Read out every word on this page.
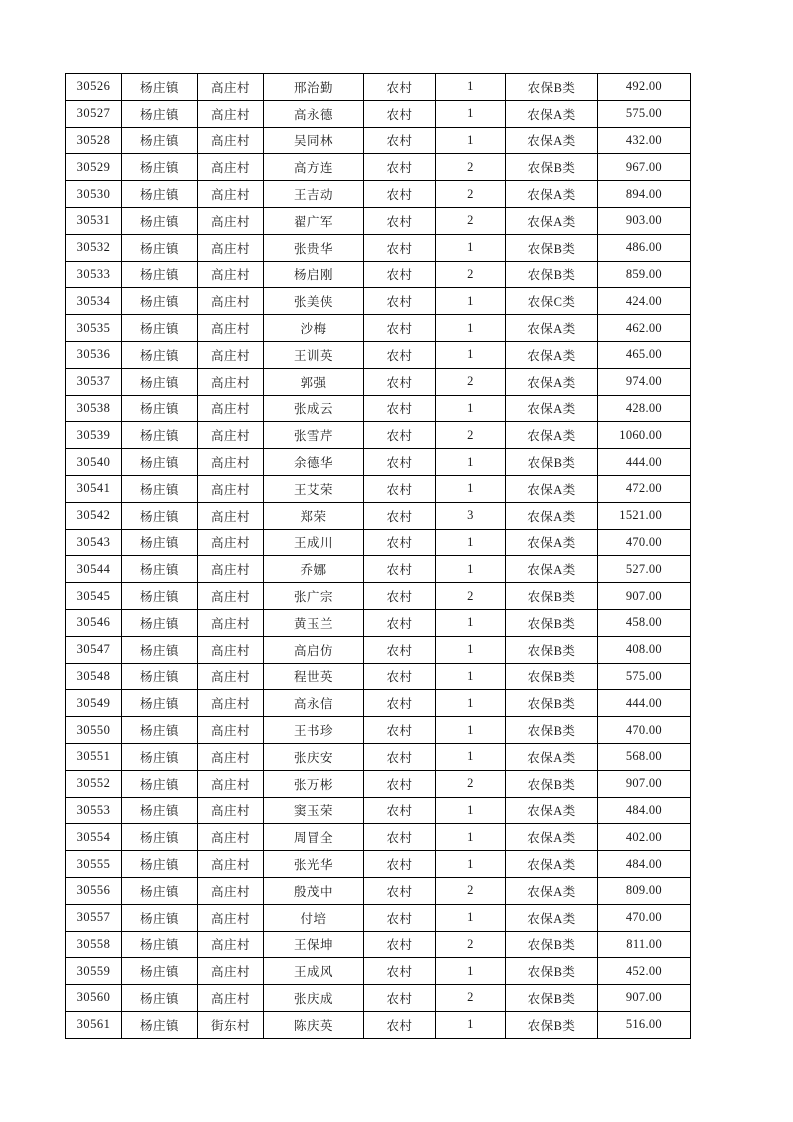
30526	杨庄镇	高庄村	邢治勤	农村	1	农保B类	492.00
30527	杨庄镇	高庄村	高永德	农村	1	农保A类	575.00
30528	杨庄镇	高庄村	吴同林	农村	1	农保A类	432.00
30529	杨庄镇	高庄村	高方连	农村	2	农保B类	967.00
30530	杨庄镇	高庄村	王吉动	农村	2	农保A类	894.00
30531	杨庄镇	高庄村	翟广军	农村	2	农保A类	903.00
30532	杨庄镇	高庄村	张贵华	农村	1	农保B类	486.00
30533	杨庄镇	高庄村	杨启刚	农村	2	农保B类	859.00
30534	杨庄镇	高庄村	张美侠	农村	1	农保C类	424.00
30535	杨庄镇	高庄村	沙梅	农村	1	农保A类	462.00
30536	杨庄镇	高庄村	王训英	农村	1	农保A类	465.00
30537	杨庄镇	高庄村	郭强	农村	2	农保A类	974.00
30538	杨庄镇	高庄村	张成云	农村	1	农保A类	428.00
30539	杨庄镇	高庄村	张雪芹	农村	2	农保A类	1060.00
30540	杨庄镇	高庄村	余德华	农村	1	农保B类	444.00
30541	杨庄镇	高庄村	王艾荣	农村	1	农保A类	472.00
30542	杨庄镇	高庄村	郑荣	农村	3	农保A类	1521.00
30543	杨庄镇	高庄村	王成川	农村	1	农保A类	470.00
30544	杨庄镇	高庄村	乔娜	农村	1	农保A类	527.00
30545	杨庄镇	高庄村	张广宗	农村	2	农保B类	907.00
30546	杨庄镇	高庄村	黄玉兰	农村	1	农保B类	458.00
30547	杨庄镇	高庄村	高启仿	农村	1	农保B类	408.00
30548	杨庄镇	高庄村	程世英	农村	1	农保B类	575.00
30549	杨庄镇	高庄村	高永信	农村	1	农保B类	444.00
30550	杨庄镇	高庄村	王书珍	农村	1	农保B类	470.00
30551	杨庄镇	高庄村	张庆安	农村	1	农保A类	568.00
30552	杨庄镇	高庄村	张万彬	农村	2	农保B类	907.00
30553	杨庄镇	高庄村	窦玉荣	农村	1	农保A类	484.00
30554	杨庄镇	高庄村	周冒全	农村	1	农保A类	402.00
30555	杨庄镇	高庄村	张光华	农村	1	农保A类	484.00
30556	杨庄镇	高庄村	殷茂中	农村	2	农保A类	809.00
30557	杨庄镇	高庄村	付培	农村	1	农保A类	470.00
30558	杨庄镇	高庄村	王保坤	农村	2	农保B类	811.00
30559	杨庄镇	高庄村	王成风	农村	1	农保B类	452.00
30560	杨庄镇	高庄村	张庆成	农村	2	农保B类	907.00
30561	杨庄镇	街东村	陈庆英	农村	1	农保B类	516.00
